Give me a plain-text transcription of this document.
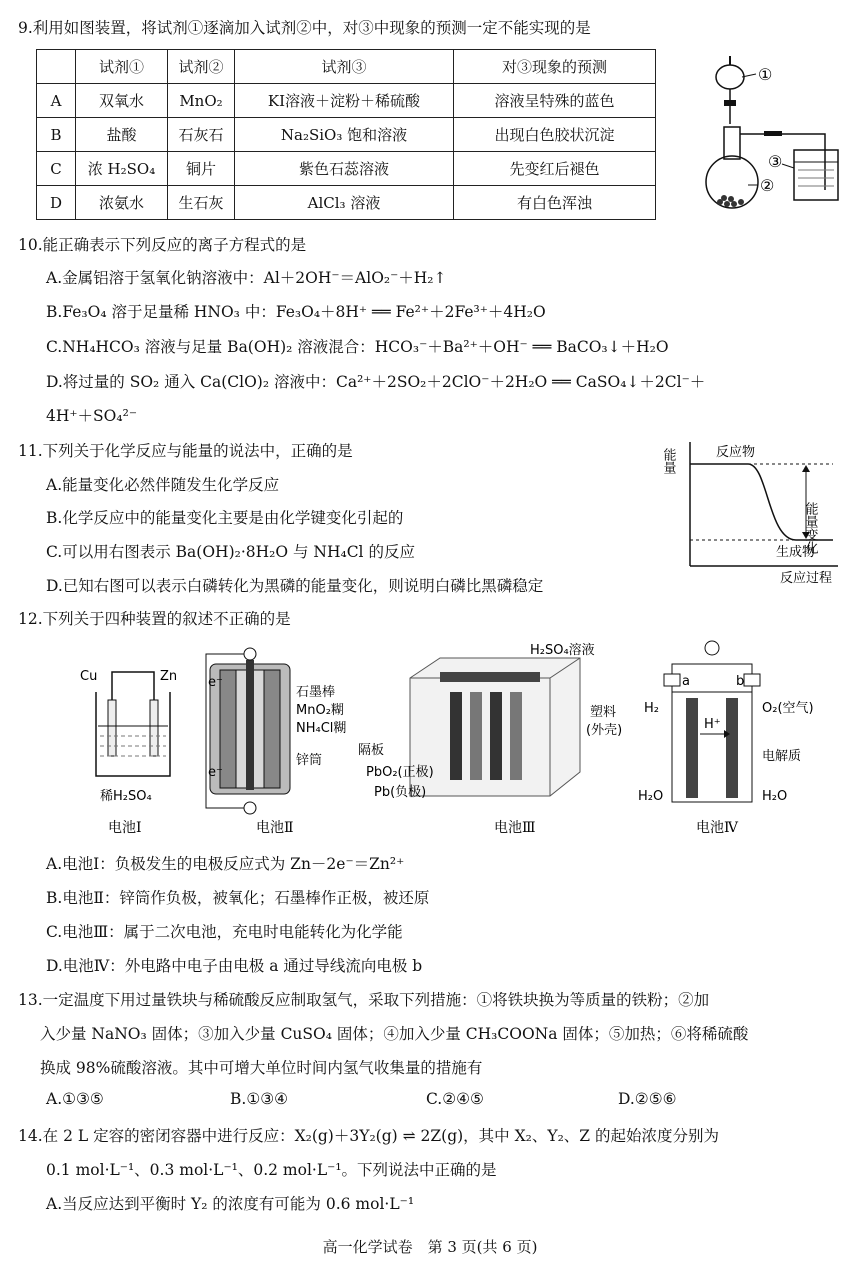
9.利用如图装置，将试剂①逐滴加入试剂②中，对③中现象的预测一定不能实现的是
	试剂①	试剂②	试剂③	对③现象的预测
A	双氧水	MnO₂	KI溶液＋淀粉＋稀硫酸	溶液呈特殊的蓝色
B	盐酸	石灰石	Na₂SiO₃ 饱和溶液	出现白色胶状沉淀
C	浓 H₂SO₄	铜片	紫色石蕊溶液	先变红后褪色
D	浓氨水	生石灰	AlCl₃ 溶液	有白色浑浊
①
②
③
10.能正确表示下列反应的离子方程式的是
A.金属铝溶于氢氧化钠溶液中：Al＋2OH⁻＝AlO₂⁻＋H₂↑
B.Fe₃O₄ 溶于足量稀 HNO₃ 中：Fe₃O₄＋8H⁺ ══ Fe²⁺＋2Fe³⁺＋4H₂O
C.NH₄HCO₃ 溶液与足量 Ba(OH)₂ 溶液混合：HCO₃⁻＋Ba²⁺＋OH⁻ ══ BaCO₃↓＋H₂O
D.将过量的 SO₂ 通入 Ca(ClO)₂ 溶液中：Ca²⁺＋2SO₂＋2ClO⁻＋2H₂O ══ CaSO₄↓＋2Cl⁻＋
4H⁺＋SO₄²⁻
11.下列关于化学反应与能量的说法中，正确的是
A.能量变化必然伴随发生化学反应
B.化学反应中的能量变化主要是由化学键变化引起的
C.可以用右图表示 Ba(OH)₂·8H₂O 与 NH₄Cl 的反应
D.已知右图可以表示白磷转化为黑磷的能量变化，则说明白磷比黑磷稳定
能量	反应物
生成物
能量变化
反应过程
12.下列关于四种装置的叙述不正确的是
Cu	Zn
稀H₂SO₄
电池Ⅰ
e⁻
e⁻
石墨棒
MnO₂糊
NH₄Cl糊
锌筒
电池Ⅱ
H₂SO₄溶液
塑料
(外壳)
隔板
PbO₂(正极)
Pb(负极)
电池Ⅲ
a	b
H₂	O₂(空气)
H⁺
电解质
H₂O	H₂O
电池Ⅳ
A.电池Ⅰ：负极发生的电极反应式为 Zn－2e⁻＝Zn²⁺
B.电池Ⅱ：锌筒作负极，被氧化；石墨棒作正极，被还原
C.电池Ⅲ：属于二次电池，充电时电能转化为化学能
D.电池Ⅳ：外电路中电子由电极 a 通过导线流向电极 b
13.一定温度下用过量铁块与稀硫酸反应制取氢气，采取下列措施：①将铁块换为等质量的铁粉；②加
入少量 NaNO₃ 固体；③加入少量 CuSO₄ 固体；④加入少量 CH₃COONa 固体；⑤加热；⑥将稀硫酸
换成 98%硫酸溶液。其中可增大单位时间内氢气收集量的措施有
A.①③⑤	B.①③④	C.②④⑤	D.②⑤⑥
14.在 2 L 定容的密闭容器中进行反应：X₂(g)＋3Y₂(g) ⇌ 2Z(g)，其中 X₂、Y₂、Z 的起始浓度分别为
0.1 mol·L⁻¹、0.3 mol·L⁻¹、0.2 mol·L⁻¹。下列说法中正确的是
A.当反应达到平衡时 Y₂ 的浓度有可能为 0.6 mol·L⁻¹
高一化学试卷　第 3 页(共 6 页)
